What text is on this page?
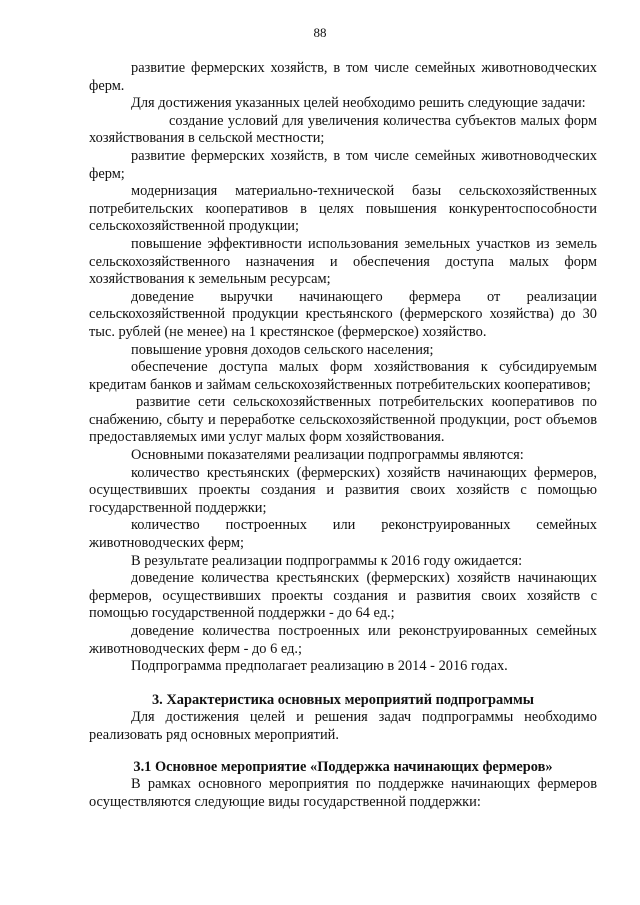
88

развитие фермерских хозяйств, в том числе семейных животноводческих ферм.

Для достижения указанных целей необходимо решить следующие задачи:

создание условий для увеличения количества субъектов малых форм хозяйствования в сельской местности;

развитие фермерских хозяйств, в том числе семейных животноводческих ферм;

модернизация материально-технической базы сельскохозяйственных потребительских кооперативов в целях повышения конкурентоспособности сельскохозяйственной продукции;

повышение эффективности использования земельных участков из земель сельскохозяйственного назначения и обеспечения доступа малых форм хозяйствования к земельным ресурсам;

доведение выручки начинающего фермера от реализации сельскохозяйственной продукции крестьянского (фермерского хозяйства) до 30 тыс. рублей (не менее) на 1 крестянское (фермерское) хозяйство.

повышение уровня доходов сельского населения;

обеспечение доступа малых форм хозяйствования к субсидируемым кредитам банков и займам сельскохозяйственных потребительских кооперативов;

развитие сети сельскохозяйственных потребительских кооперативов по снабжению, сбыту и переработке сельскохозяйственной продукции, рост объемов предоставляемых ими услуг малых форм хозяйствования.

Основными показателями реализации подпрограммы являются:

количество крестьянских (фермерских) хозяйств начинающих фермеров, осуществивших проекты создания и развития своих хозяйств с помощью государственной поддержки;

количество построенных или реконструированных семейных животноводческих ферм;

В результате реализации подпрограммы к 2016 году ожидается:

доведение количества крестьянских (фермерских) хозяйств начинающих фермеров, осуществивших проекты создания и развития своих хозяйств с помощью государственной поддержки - до 64 ед.;

доведение количества построенных или реконструированных семейных животноводческих ферм - до 6 ед.;

Подпрограмма предполагает реализацию в 2014 - 2016 годах.

3. Характеристика основных мероприятий подпрограммы

Для достижения целей и решения задач подпрограммы необходимо реализовать ряд основных мероприятий.

3.1 Основное мероприятие «Поддержка начинающих фермеров»

В рамках основного мероприятия по поддержке начинающих фермеров осуществляются следующие виды государственной поддержки:
